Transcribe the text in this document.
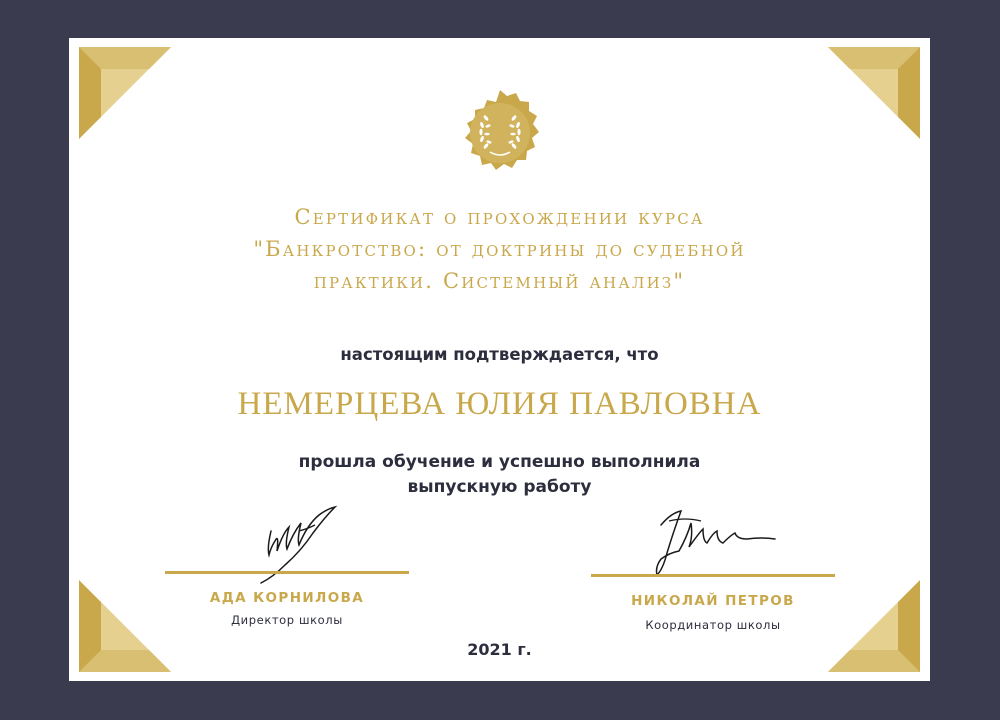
Сертификат о прохождении курса "Банкротство: от доктрины до судебной практики. Системный анализ"
настоящим подтверждается, что
НЕМЕРЦЕВА ЮЛИЯ ПАВЛОВНА
прошла обучение и успешно выполнила выпускную работу
АДА КОРНИЛОВА
Директор школы
НИКОЛАЙ ПЕТРОВ
Координатор школы
2021 г.
